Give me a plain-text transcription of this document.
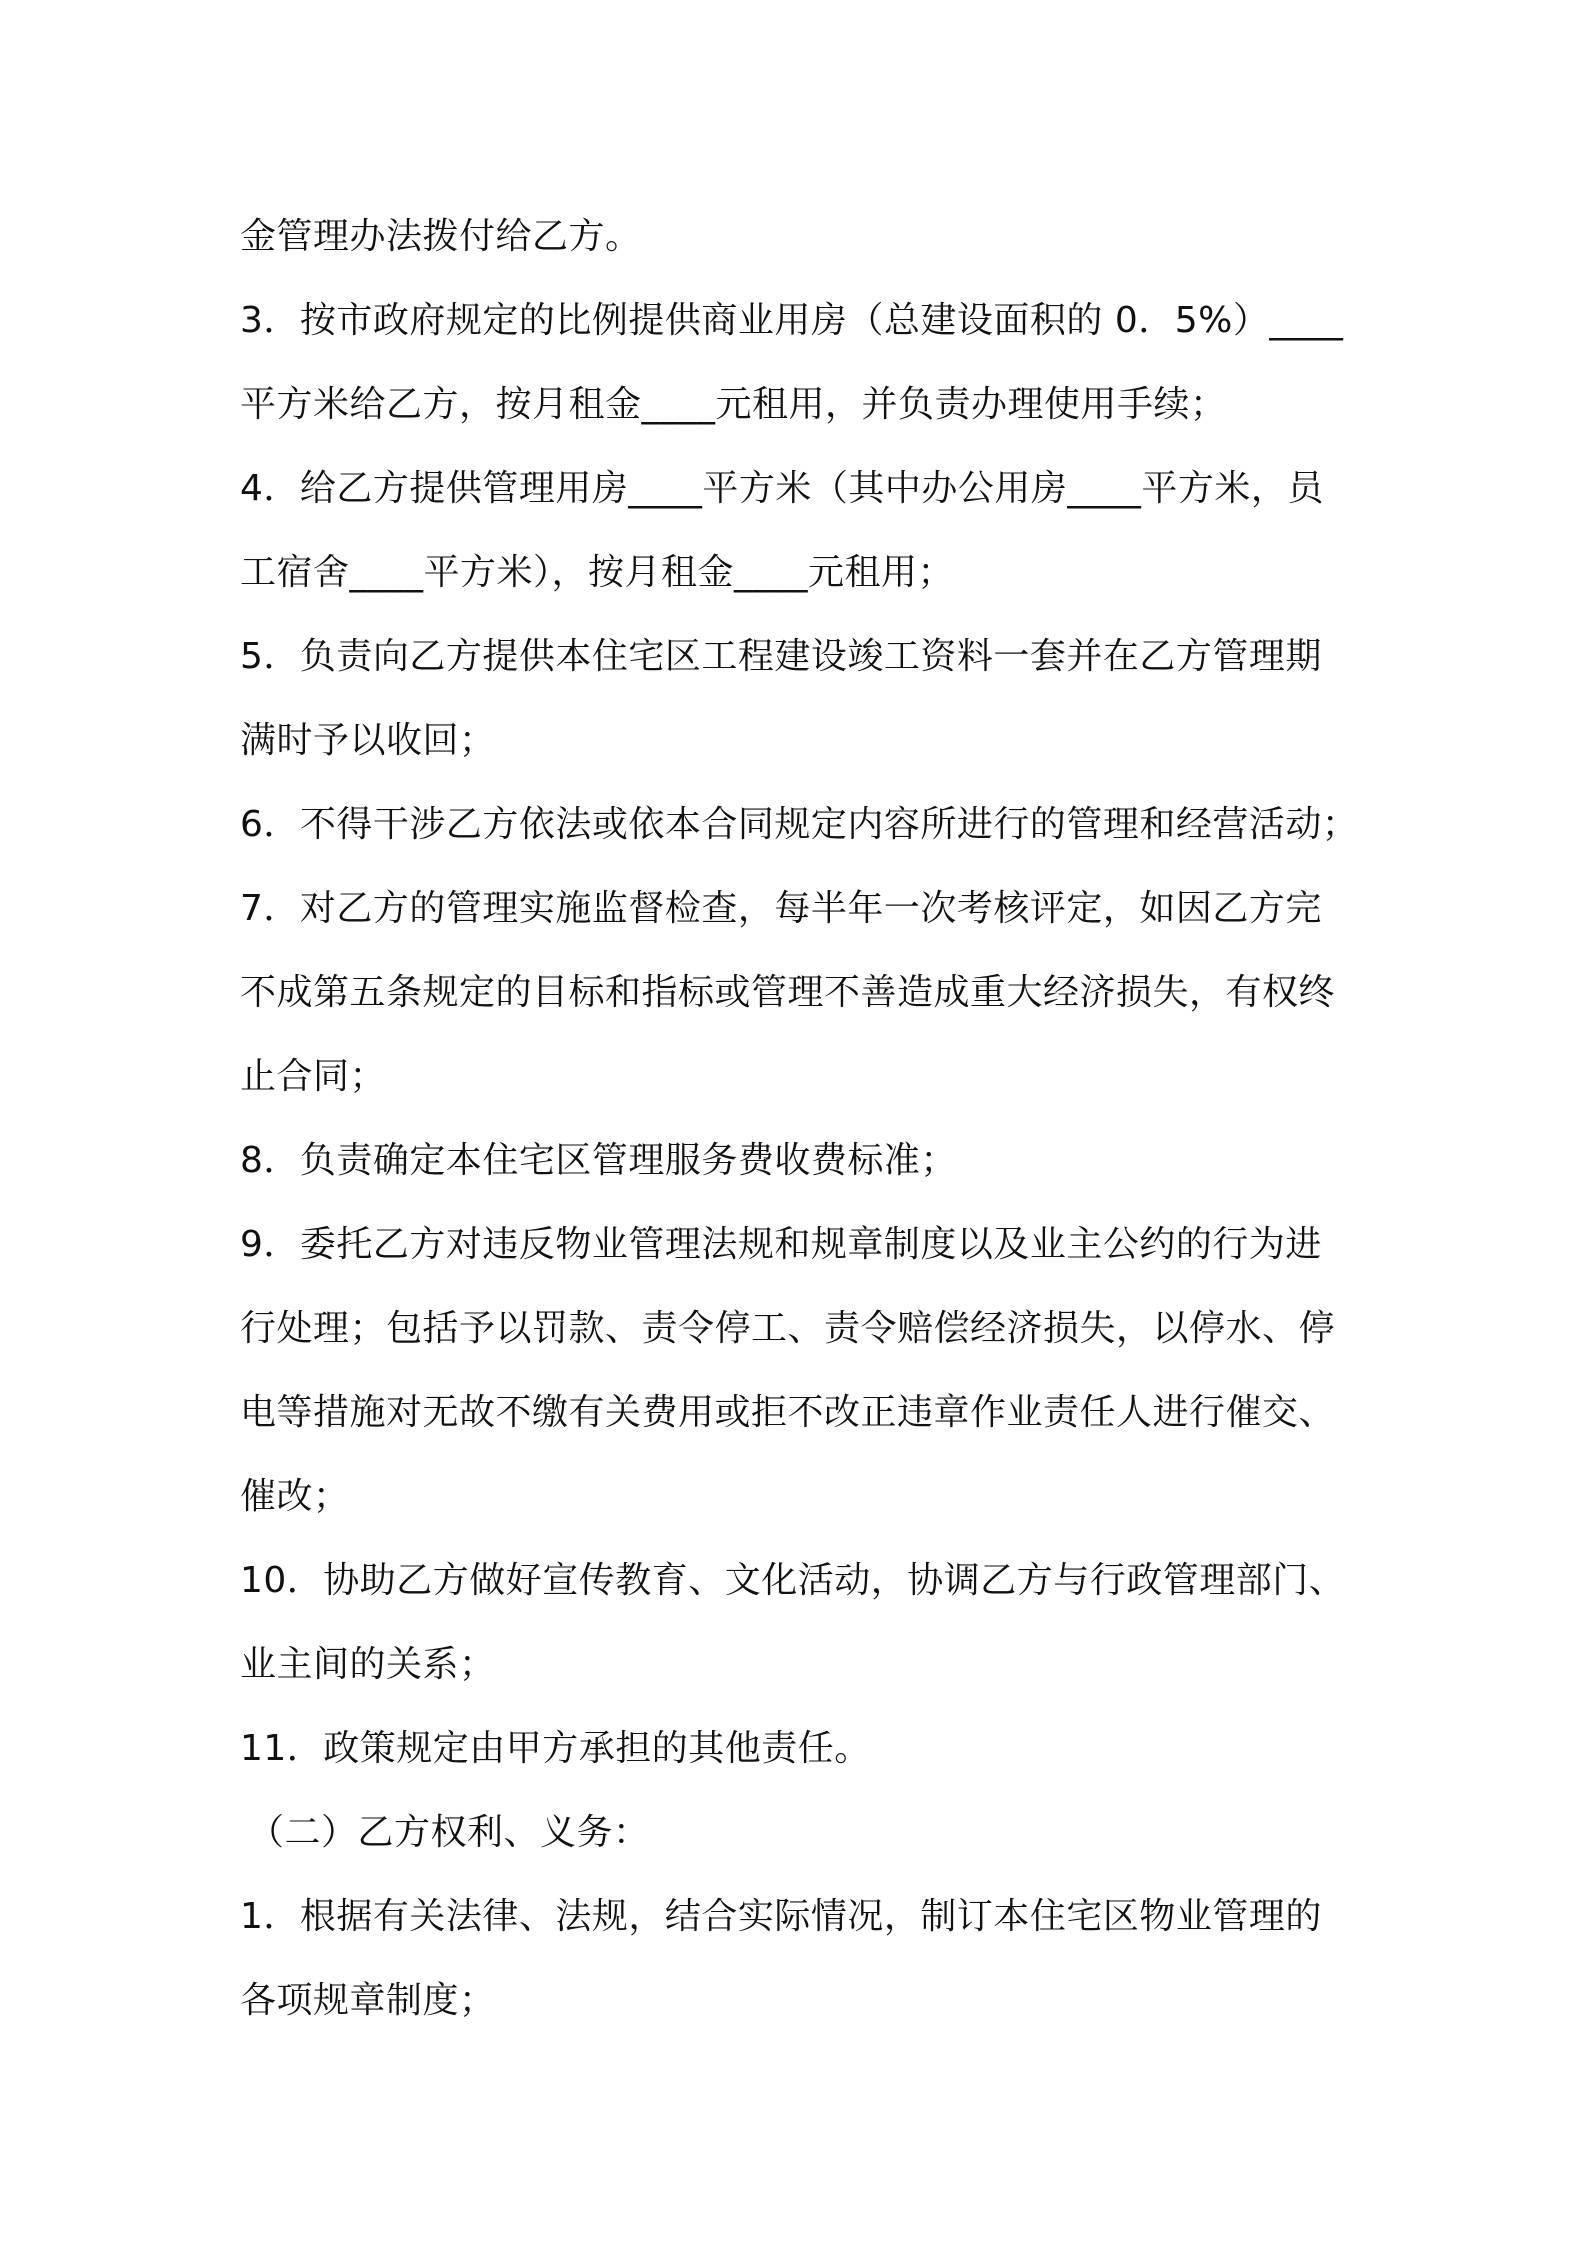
金管理办法拨付给乙方。
3．按市政府规定的比例提供商业用房（总建设面积的 0．5%）____
平方米给乙方，按月租金____元租用，并负责办理使用手续；
4．给乙方提供管理用房____平方米（其中办公用房____平方米，员
工宿舍____平方米），按月租金____元租用；
5．负责向乙方提供本住宅区工程建设竣工资料一套并在乙方管理期
满时予以收回；
6．不得干涉乙方依法或依本合同规定内容所进行的管理和经营活动；
7．对乙方的管理实施监督检查，每半年一次考核评定，如因乙方完
不成第五条规定的目标和指标或管理不善造成重大经济损失，有权终
止合同；
8．负责确定本住宅区管理服务费收费标准；
9．委托乙方对违反物业管理法规和规章制度以及业主公约的行为进
行处理；包括予以罚款、责令停工、责令赔偿经济损失，以停水、停
电等措施对无故不缴有关费用或拒不改正违章作业责任人进行催交、
催改；
10．协助乙方做好宣传教育、文化活动，协调乙方与行政管理部门、
业主间的关系；
11．政策规定由甲方承担的其他责任。
（二）乙方权利、义务：
1．根据有关法律、法规，结合实际情况，制订本住宅区物业管理的
各项规章制度；
